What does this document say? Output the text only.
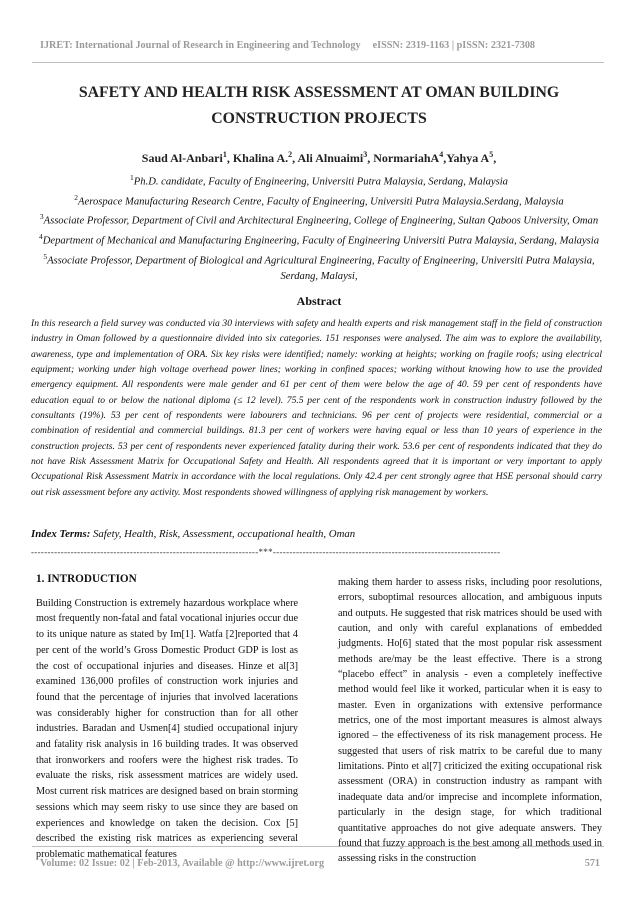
IJRET: International Journal of Research in Engineering and Technology eISSN: 2319-1163 | pISSN: 2321-7308
SAFETY AND HEALTH RISK ASSESSMENT AT OMAN BUILDING
CONSTRUCTION PROJECTS
Saud Al-Anbari$^1$, Khalina A.$^2$, Ali Alnuaimi$^3$, NormariahA$^4$,Yahya $A^5$,
$^1$Ph.D. candidate, Faculty of Engineering, Universiti Putra Malaysia, Serdang, Malaysia
$^2$Aerospace Manufacturing Research Centre, Faculty of Engineering, Universiti Putra Malaysia.Serdang, Malaysia
$^3$Associate Professor, Department of Civil and Architectural Engineering, College of Engineering, Sultan Qaboos University, Oman
$^4$Department of Mechanical and Manufacturing Engineering, Faculty of Engineering Universiti Putra Malaysia, Serdang, Malaysia
$^5$Associate Professor, Department of Biological and Agricultural Engineering, Faculty of Engineering, Universiti Putra Malaysia, Serdang, Malaysi,
Abstract
In this research a field survey was conducted via 30 interviews with safety and health experts and risk management staff in the field of construction industry in Oman followed by a questionnaire divided into six categories. 151 responses were analysed. The aim was to explore the availability, awareness, type and implementation of ORA. Six key risks were identified; namely: working at heights; working on fragile roofs; using electrical equipment; working under high voltage overhead power lines; working in confined spaces; working without knowing how to use the provided emergency equipment. All respondents were male gender and 61 per cent of them were below the age of 40. 59 per cent of respondents have education equal to or below the national diploma (≤ 12 level). 75.5 per cent of the respondents work in construction industry followed by the consultants (19%). 53 per cent of respondents were labourers and technicians. 96 per cent of projects were residential, commercial or a combination of residential and commercial buildings. 81.3 per cent of workers were having equal or less than 10 years of experience in the construction projects. 53 per cent of respondents never experienced fatality during their work. 53.6 per cent of respondents indicated that they do not have Risk Assessment Matrix for Occupational Safety and Health. All respondents agreed that it is important or very important to apply Occupational Risk Assessment Matrix in accordance with the local regulations. Only 42.4 per cent strongly agree that HSE personal should carry out risk assessment before any activity. Most respondents showed willingness of applying risk management by workers.
Index Terms: Safety, Health, Risk, Assessment, occupational health, Oman
---------------------------------------------------------------------***---------------------------------------------------------------------
1. INTRODUCTION

Building Construction is extremely hazardous workplace where most frequently non-fatal and fatal vocational injuries occur due to its unique nature as stated by Im[1]. Watfa [2]reported that 4 per cent of the world’s Gross Domestic Product GDP is lost as the cost of occupational injuries and diseases. Hinze et al[3] examined 136,000 profiles of construction work injuries and found that the percentage of injuries that involved lacerations was considerably higher for construction than for all other industries. Baradan and Usmen[4] studied occupational injury and fatality risk analysis in 16 building trades. It was observed that ironworkers and roofers were the highest risk trades. To evaluate the risks, risk assessment matrices are widely used. Most current risk matrices are designed based on brain storming sessions which may seem risky to use since they are based on experiences and knowledge on taken the decision. Cox [5] described the existing risk matrices as experiencing several problematic mathematical features

making them harder to assess risks, including poor resolutions, errors, suboptimal resources allocation, and ambiguous inputs and outputs. He suggested that risk matrices should be used with caution, and only with careful explanations of embedded judgments. Ho[6] stated that the most popular risk assessment methods are/may be the least effective. There is a strong “placebo effect” in analysis - even a completely ineffective method would feel like it worked, particular when it is easy to master. Even in organizations with extensive performance metrics, one of the most important measures is almost always ignored – the effectiveness of its risk management process. He suggested that users of risk matrix to be careful due to many limitations. Pinto et al[7] criticized the exiting occupational risk assessment (ORA) in construction industry as rampant with inadequate data and/or imprecise and incomplete information, particularly in the design stage, for which traditional quantitative approaches do not give adequate answers. They found that fuzzy approach is the best among all methods used in assessing risks in the construction

Volume: 02 Issue: 02 | Feb-2013, Available @ http://www.ijret.org	571
